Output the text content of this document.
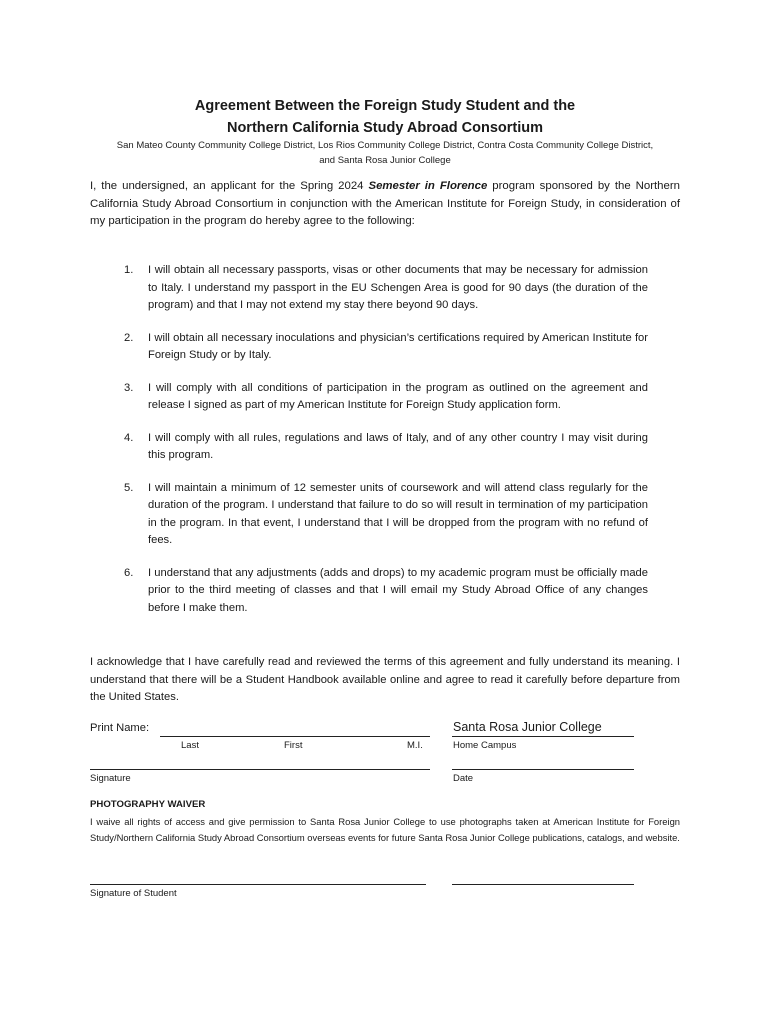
Agreement Between the Foreign Study Student and the
Northern California Study Abroad Consortium

San Mateo County Community College District, Los Rios Community College District, Contra Costa Community College District,
and Santa Rosa Junior College

I, the undersigned, an applicant for the Spring 2024 Semester in Florence program sponsored by the Northern California Study Abroad Consortium in conjunction with the American Institute for Foreign Study, in consideration of my participation in the program do hereby agree to the following:

1. I will obtain all necessary passports, visas or other documents that may be necessary for admission to Italy. I understand my passport in the EU Schengen Area is good for 90 days (the duration of the program) and that I may not extend my stay there beyond 90 days.
2. I will obtain all necessary inoculations and physician’s certifications required by American Institute for Foreign Study or by Italy.
3. I will comply with all conditions of participation in the program as outlined on the agreement and release I signed as part of my American Institute for Foreign Study application form.
4. I will comply with all rules, regulations and laws of Italy, and of any other country I may visit during this program.
5. I will maintain a minimum of 12 semester units of coursework and will attend class regularly for the duration of the program. I understand that failure to do so will result in termination of my participation in the program. In that event, I understand that I will be dropped from the program with no refund of fees.
6. I understand that any adjustments (adds and drops) to my academic program must be officially made prior to the third meeting of classes and that I will email my Study Abroad Office of any changes before I make them.

I acknowledge that I have carefully read and reviewed the terms of this agreement and fully understand its meaning. I understand that there will be a Student Handbook available online and agree to read it carefully before departure from the United States.

Print Name:
Last	First	M.I.
Santa Rosa Junior College
Home Campus
Signature	Date

PHOTOGRAPHY WAIVER

I waive all rights of access and give permission to Santa Rosa Junior College to use photographs taken at American Institute for Foreign Study/Northern California Study Abroad Consortium overseas events for future Santa Rosa Junior College publications, catalogs, and website.

Signature of Student
